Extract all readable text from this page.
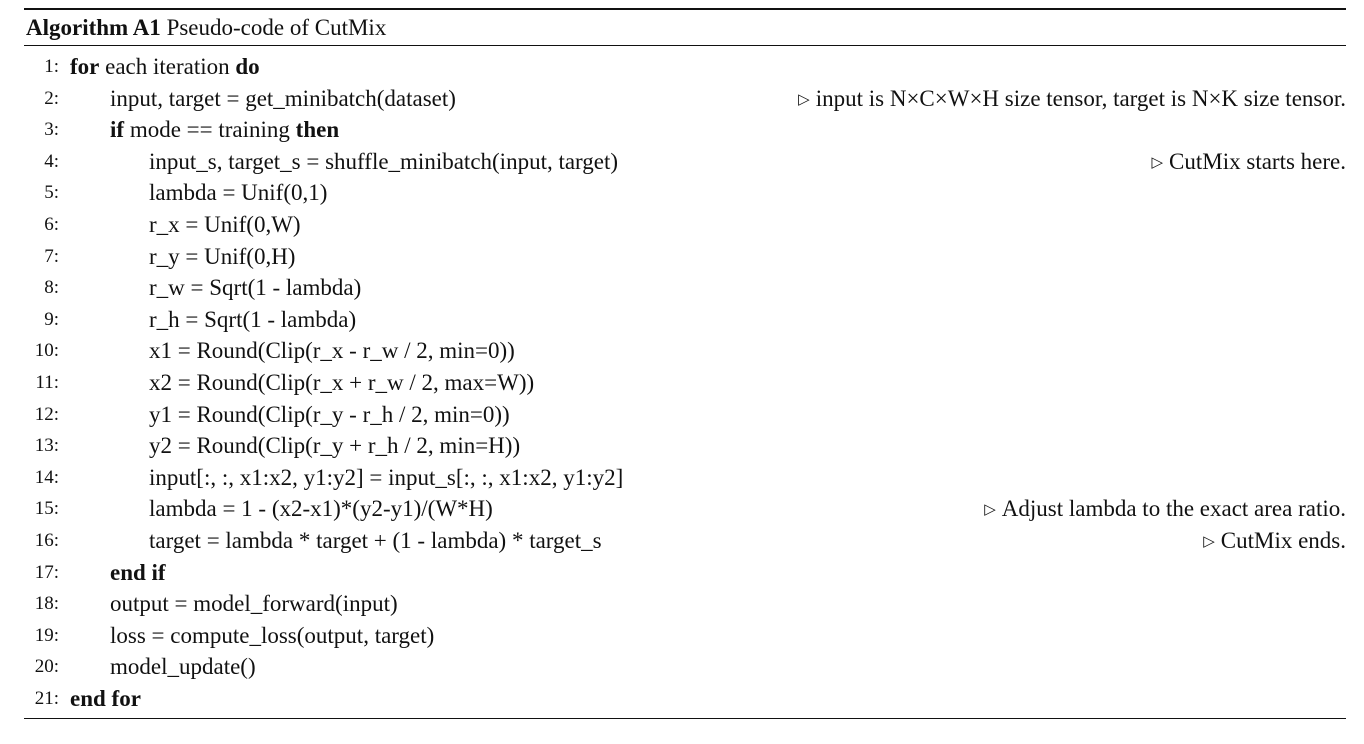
Algorithm A1 Pseudo-code of CutMix
1: for each iteration do
2: input, target = get_minibatch(dataset)	▷ input is N×C×W×H size tensor, target is N×K size tensor.
3: if mode == training then
4:	input_s, target_s = shuffle_minibatch(input, target)	▷ CutMix starts here.
5:	lambda = Unif(0,1)
6:	r_x = Unif(0,W)
7:	r_y = Unif(0,H)
8:	r_w = Sqrt(1 - lambda)
9:	r_h = Sqrt(1 - lambda)
10:	x1 = Round(Clip(r_x - r_w / 2, min=0))
11:	x2 = Round(Clip(r_x + r_w / 2, max=W))
12:	y1 = Round(Clip(r_y - r_h / 2, min=0))
13:	y2 = Round(Clip(r_y + r_h / 2, min=H))
14:	input[:, :, x1:x2, y1:y2] = input_s[:, :, x1:x2, y1:y2]
15:	lambda = 1 - (x2-x1)*(y2-y1)/(W*H)	▷ Adjust lambda to the exact area ratio.
16:	target = lambda * target + (1 - lambda) * target_s	▷ CutMix ends.
17: end if
18: output = model_forward(input)
19: loss = compute_loss(output, target)
20: model_update()
21: end for
